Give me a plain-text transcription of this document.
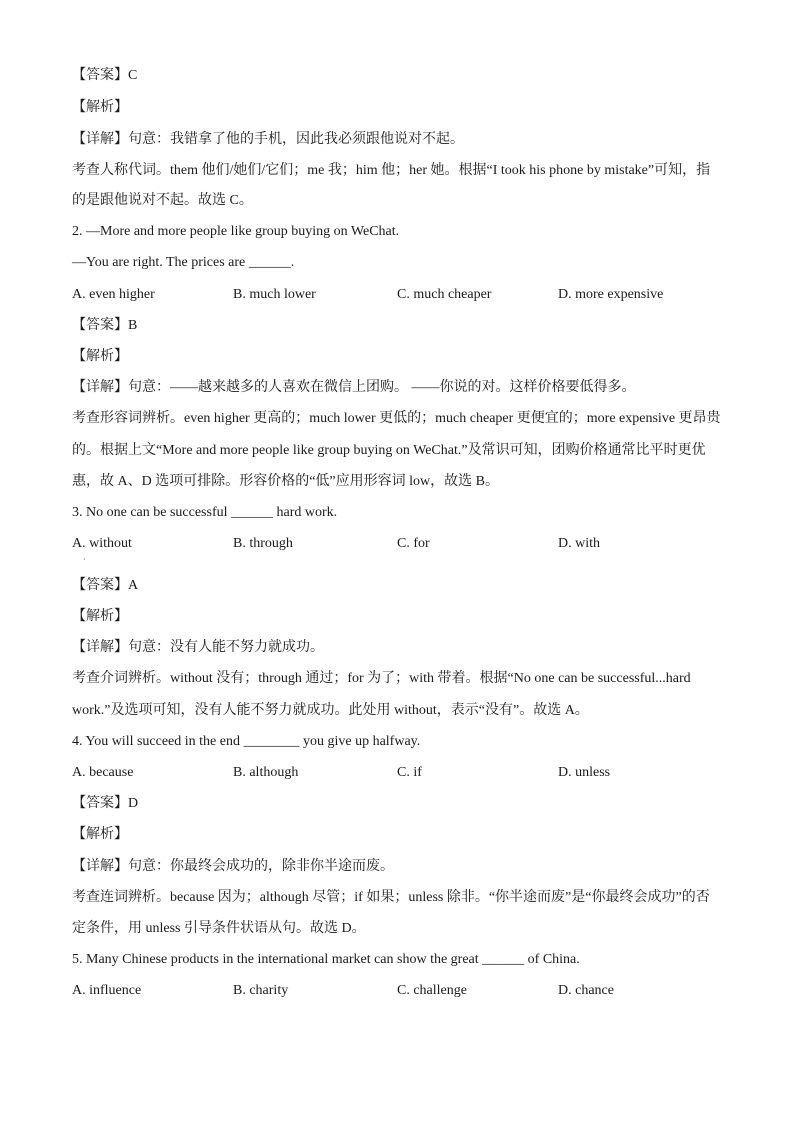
【答案】C
【解析】
【详解】句意：我错拿了他的手机，因此我必须跟他说对不起。
考查人称代词。them 他们/她们/它们；me 我；him 他；her 她。根据“I took his phone by mistake”可知，指
的是跟他说对不起。故选 C。
2. —More and more people like group buying on WeChat.
—You are right. The prices are ______.
A. even higher	B. much lower	C. much cheaper	D. more expensive
【答案】B
【解析】
【详解】句意：——越来越多的人喜欢在微信上团购。 ——你说的对。这样价格要低得多。
考查形容词辨析。even higher 更高的；much lower 更低的；much cheaper 更便宜的；more expensive 更昂贵
的。根据上文“More and more people like group buying on WeChat.”及常识可知，团购价格通常比平时更优
惠，故 A、D 选项可排除。形容价格的“低”应用形容词 low，故选 B。
3. No one can be successful ______ hard work.
A. without	B. through	C. for	D. with
·
【答案】A
【解析】
【详解】句意：没有人能不努力就成功。
考查介词辨析。without 没有；through 通过；for 为了；with 带着。根据“No one can be successful...hard
work.”及选项可知，没有人能不努力就成功。此处用 without，表示“没有”。故选 A。
4. You will succeed in the end ________ you give up halfway.
A. because	B. although	C. if	D. unless
【答案】D
【解析】
【详解】句意：你最终会成功的，除非你半途而废。
考查连词辨析。because 因为；although 尽管；if 如果；unless 除非。“你半途而废”是“你最终会成功”的否
定条件，用 unless 引导条件状语从句。故选 D。
5. Many Chinese products in the international market can show the great ______ of China.
A. influence	B. charity	C. challenge	D. chance
